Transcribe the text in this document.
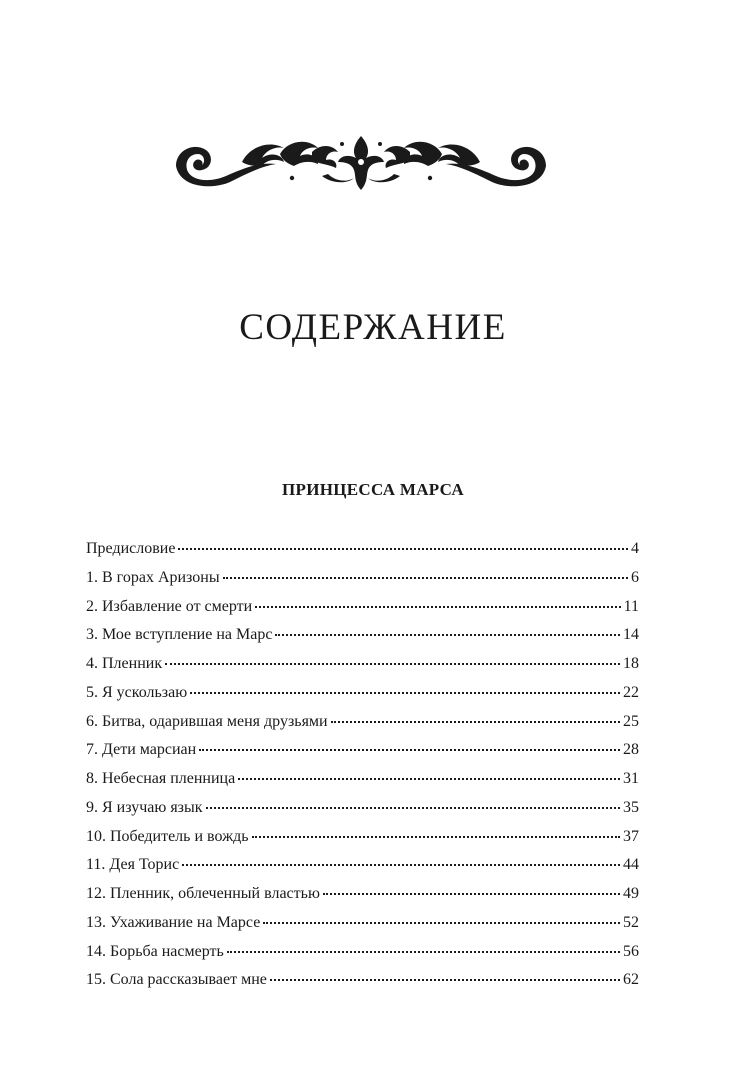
СОДЕРЖАНИЕ
ПРИНЦЕССА МАРСА
Предисловие	4
1. В горах Аризоны	6
2. Избавление от смерти	11
3. Мое вступление на Марс	14
4. Пленник	18
5. Я ускользаю	22
6. Битва, одарившая меня друзьями	25
7. Дети марсиан	28
8. Небесная пленница	31
9. Я изучаю язык	35
10. Победитель и вождь	37
11. Дея Торис	44
12. Пленник, облеченный властью	49
13. Ухаживание на Марсе	52
14. Борьба насмерть	56
15. Сола рассказывает мне	62
